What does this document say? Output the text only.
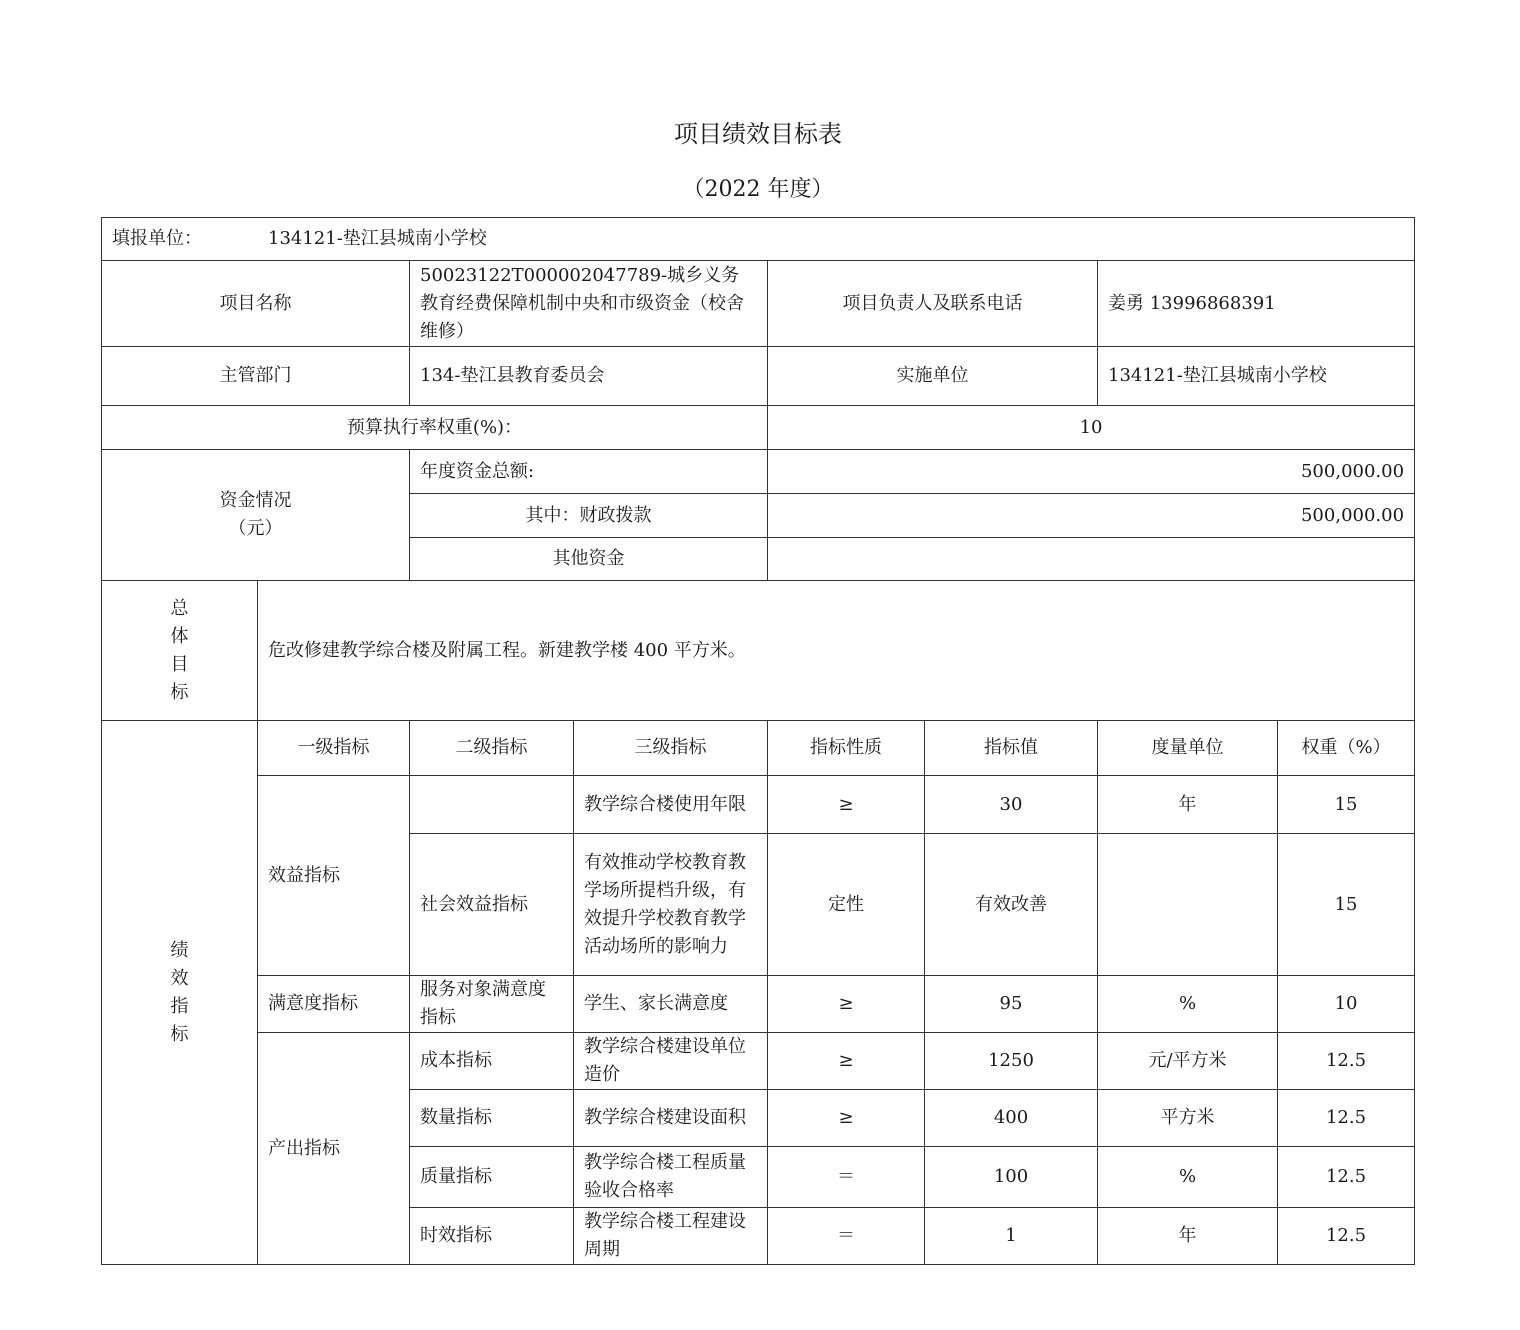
项目绩效目标表
（2022 年度）
填报单位： 134121-垫江县城南小学校							
项目名称		50023122T000002047789-城乡义务教育经费保障机制中央和市级资金（校舍维修）		项目负责人及联系电话		姜勇 13996868391	
主管部门		134-垫江县教育委员会		实施单位		134121-垫江县城南小学校	
预算执行率权重(%)：				10			

资金情况
（元）		年度资金总额:		500,000.00			
		其中：财政拨款		500,000.00			
		其他资金					

总
体
目
标	危改修建教学综合楼及附属工程。新建教学楼 400 平方米。						

绩
效
指
标	一级指标	二级指标	三级指标	指标性质	指标值	度量单位	权重（%）
	效益指标		教学综合楼使用年限	≥	30	年	15
		社会效益指标	有效推动学校教育教学场所提档升级，有效提升学校教育教学活动场所的影响力	定性	有效改善		15
	满意度指标	服务对象满意度指标	学生、家长满意度	≥	95	%	10
	产出指标	成本指标	教学综合楼建设单位造价	≥	1250	元/平方米	12.5
		数量指标	教学综合楼建设面积	≥	400	平方米	12.5
		质量指标	教学综合楼工程质量验收合格率	＝	100	%	12.5
		时效指标	教学综合楼工程建设周期	＝	1	年	12.5
